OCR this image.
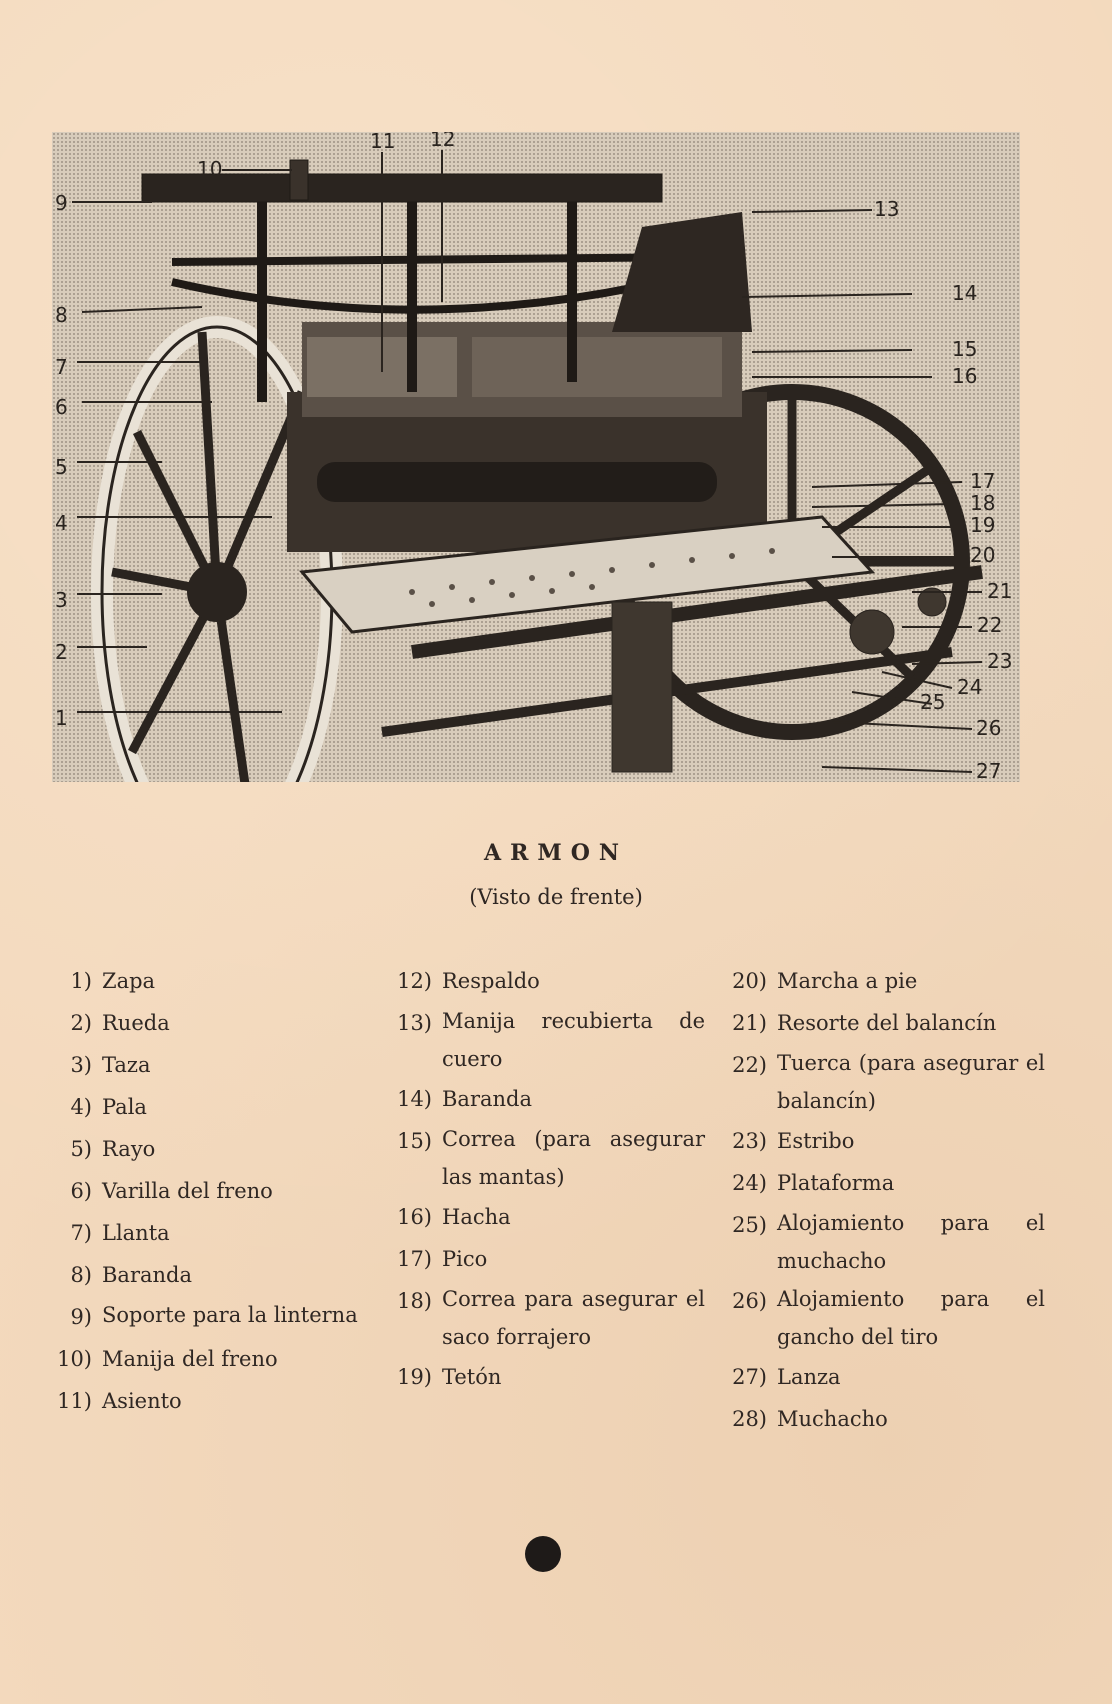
1
2
3
4
5
6
7
8
9
10
11 12
13
14
15
16
17
18
19
20
21
22
23
24
25
26
27
ARMON
(Visto de frente)
1) Zapa
2) Rueda
3) Taza
4) Pala
5) Rayo
6) Varilla del freno
7) Llanta
8) Baranda
9) Soporte para la linterna
10) Manija del freno
11) Asiento
12) Respaldo
13) Manija recubierta de cuero
14) Baranda
15) Correa (para asegurar las mantas)
16) Hacha
17) Pico
18) Correa para asegurar el saco forrajero
19) Tetón
20) Marcha a pie
21) Resorte del balancín
22) Tuerca (para asegurar el balancín)
23) Estribo
24) Plataforma
25) Alojamiento para el muchacho
26) Alojamiento para el gancho del tiro
27) Lanza
28) Muchacho
